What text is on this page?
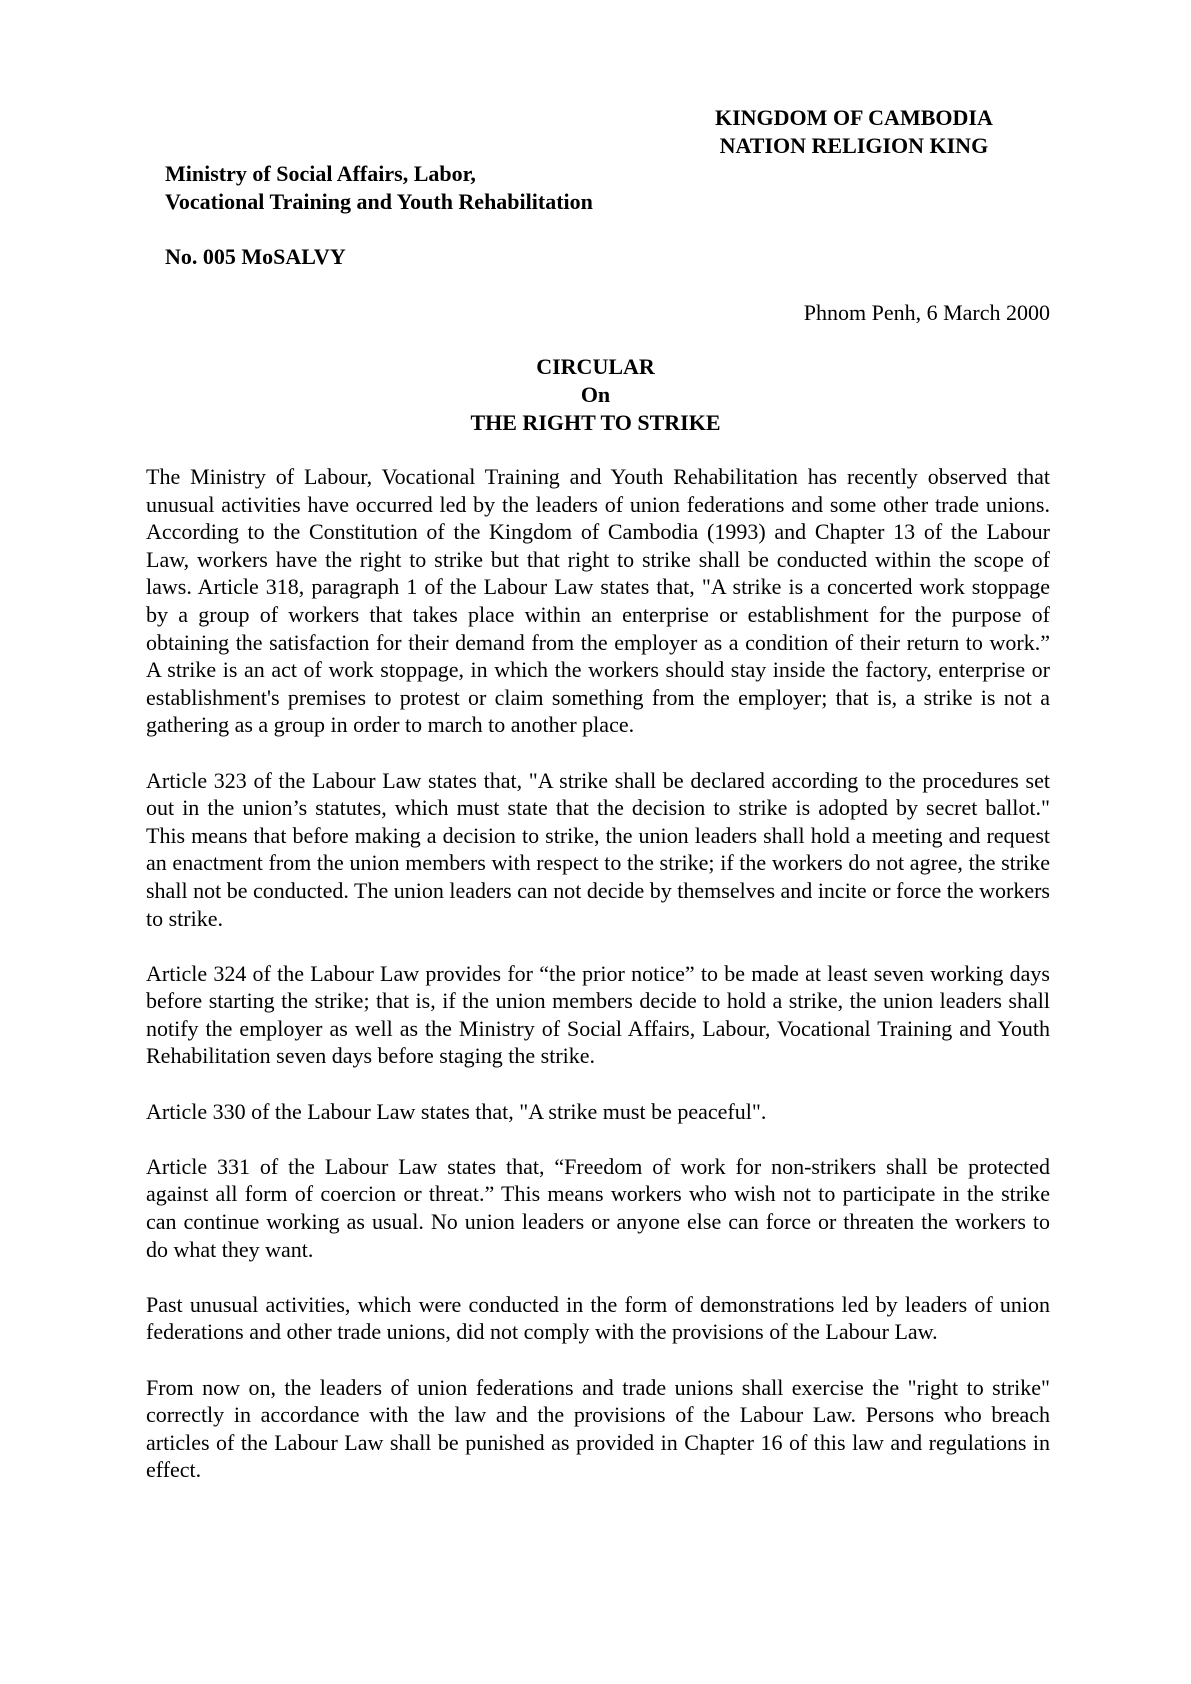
KINGDOM OF CAMBODIA
NATION RELIGION KING
Ministry of Social Affairs, Labor,
Vocational Training and Youth Rehabilitation
No. 005 MoSALVY
Phnom Penh, 6 March 2000
CIRCULAR
On
THE RIGHT TO STRIKE

The Ministry of Labour, Vocational Training and Youth Rehabilitation has recently observed that unusual activities have occurred led by the leaders of union federations and some other trade unions. According to the Constitution of the Kingdom of Cambodia (1993) and Chapter 13 of the Labour Law, workers have the right to strike but that right to strike shall be conducted within the scope of laws. Article 318, paragraph 1 of the Labour Law states that, "A strike is a concerted work stoppage by a group of workers that takes place within an enterprise or establishment for the purpose of obtaining the satisfaction for their demand from the employer as a condition of their return to work.” A strike is an act of work stoppage, in which the workers should stay inside the factory, enterprise or establishment's premises to protest or claim something from the employer; that is, a strike is not a gathering as a group in order to march to another place.

Article 323 of the Labour Law states that, "A strike shall be declared according to the procedures set out in the union’s statutes, which must state that the decision to strike is adopted by secret ballot." This means that before making a decision to strike, the union leaders shall hold a meeting and request an enactment from the union members with respect to the strike; if the workers do not agree, the strike shall not be conducted. The union leaders can not decide by themselves and incite or force the workers to strike.

Article 324 of the Labour Law provides for “the prior notice” to be made at least seven working days before starting the strike; that is, if the union members decide to hold a strike, the union leaders shall notify the employer as well as the Ministry of Social Affairs, Labour, Vocational Training and Youth Rehabilitation seven days before staging the strike.

Article 330 of the Labour Law states that, "A strike must be peaceful".

Article 331 of the Labour Law states that, “Freedom of work for non-strikers shall be protected against all form of coercion or threat.” This means workers who wish not to participate in the strike can continue working as usual. No union leaders or anyone else can force or threaten the workers to do what they want.

Past unusual activities, which were conducted in the form of demonstrations led by leaders of union federations and other trade unions, did not comply with the provisions of the Labour Law.

From now on, the leaders of union federations and trade unions shall exercise the "right to strike" correctly in accordance with the law and the provisions of the Labour Law. Persons who breach articles of the Labour Law shall be punished as provided in Chapter 16 of this law and regulations in effect.
